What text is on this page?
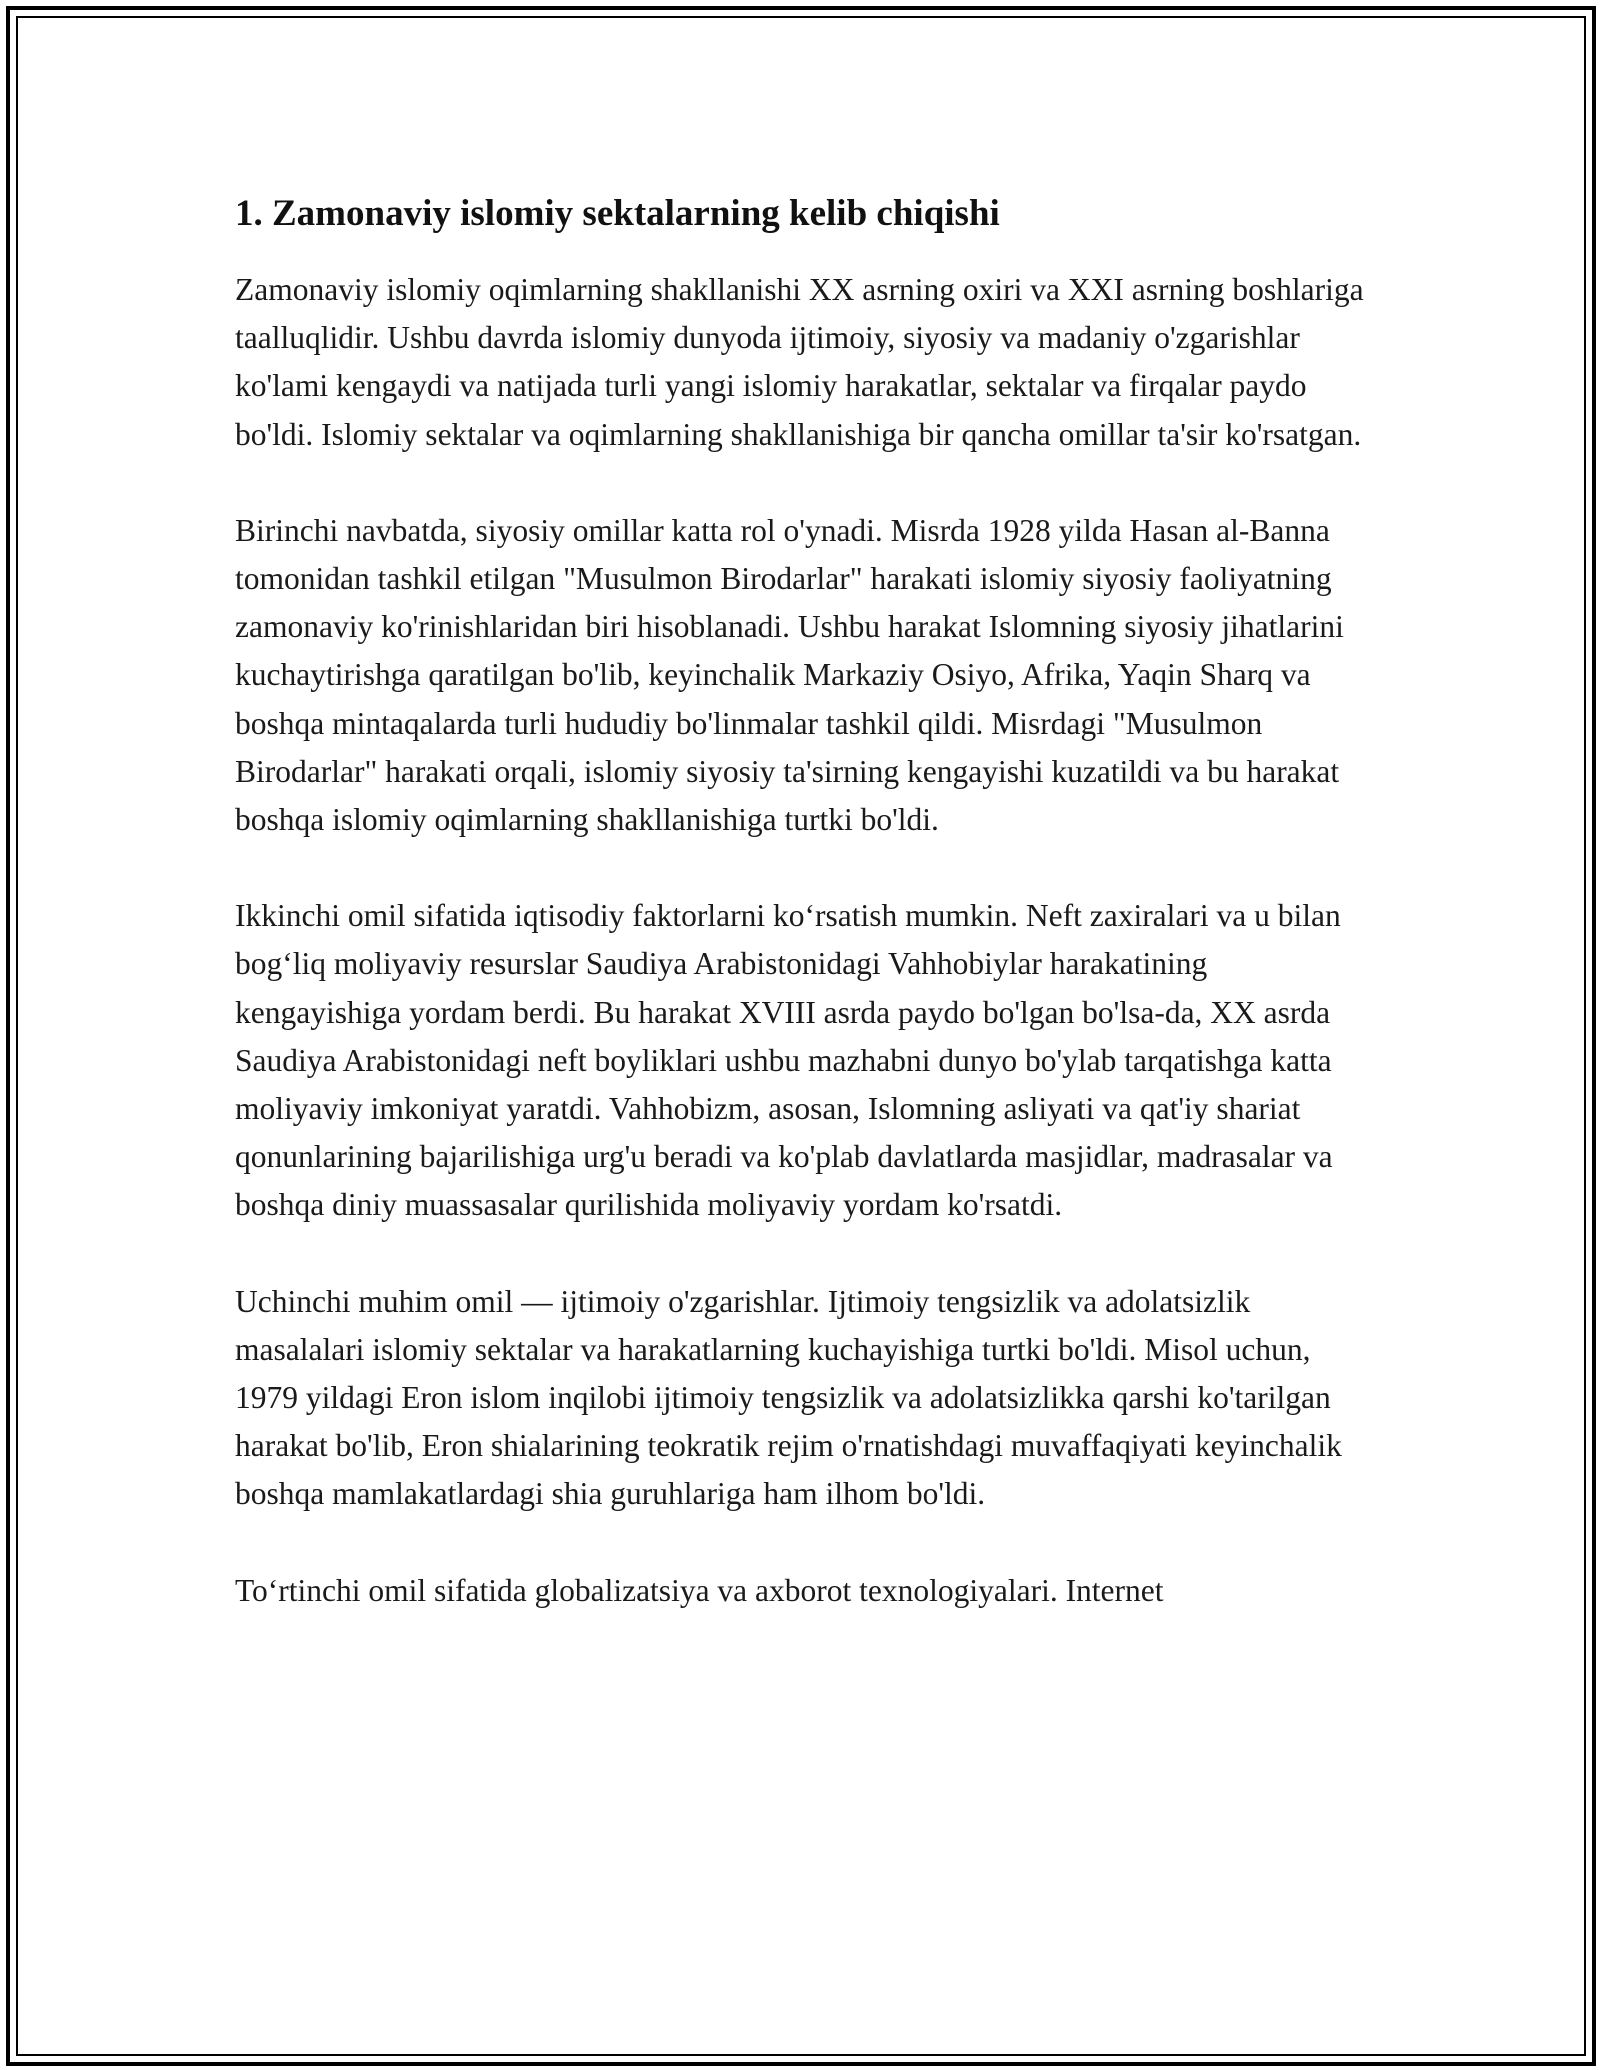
1. Zamonaviy islomiy sektalarning kelib chiqishi

Zamonaviy islomiy oqimlarning shakllanishi XX asrning oxiri va XXI asrning boshlariga taalluqlidir. Ushbu davrda islomiy dunyoda ijtimoiy, siyosiy va madaniy o'zgarishlar ko'lami kengaydi va natijada turli yangi islomiy harakatlar, sektalar va firqalar paydo bo'ldi. Islomiy sektalar va oqimlarning shakllanishiga bir qancha omillar ta'sir ko'rsatgan.

Birinchi navbatda, siyosiy omillar katta rol o'ynadi. Misrda 1928 yilda Hasan al-Banna tomonidan tashkil etilgan "Musulmon Birodarlar" harakati islomiy siyosiy faoliyatning zamonaviy ko'rinishlaridan biri hisoblanadi. Ushbu harakat Islomning siyosiy jihatlarini kuchaytirishga qaratilgan bo'lib, keyinchalik Markaziy Osiyo, Afrika, Yaqin Sharq va boshqa mintaqalarda turli hududiy bo'linmalar tashkil qildi. Misrdagi "Musulmon Birodarlar" harakati orqali, islomiy siyosiy ta'sirning kengayishi kuzatildi va bu harakat boshqa islomiy oqimlarning shakllanishiga turtki bo'ldi.

Ikkinchi omil sifatida iqtisodiy faktorlarni ko‘rsatish mumkin. Neft zaxiralari va u bilan bog‘liq moliyaviy resurslar Saudiya Arabistonidagi Vahhobiylar harakatining kengayishiga yordam berdi. Bu harakat XVIII asrda paydo bo'lgan bo'lsa-da, XX asrda Saudiya Arabistonidagi neft boyliklari ushbu mazhabni dunyo bo'ylab tarqatishga katta moliyaviy imkoniyat yaratdi. Vahhobizm, asosan, Islomning asliyati va qat'iy shariat qonunlarining bajarilishiga urg'u beradi va ko'plab davlatlarda masjidlar, madrasalar va boshqa diniy muassasalar qurilishida moliyaviy yordam ko'rsatdi.

Uchinchi muhim omil — ijtimoiy o'zgarishlar. Ijtimoiy tengsizlik va adolatsizlik masalalari islomiy sektalar va harakatlarning kuchayishiga turtki bo'ldi. Misol uchun, 1979 yildagi Eron islom inqilobi ijtimoiy tengsizlik va adolatsizlikka qarshi ko'tarilgan harakat bo'lib, Eron shialarining teokratik rejim o'rnatishdagi muvaffaqiyati keyinchalik boshqa mamlakatlardagi shia guruhlariga ham ilhom bo'ldi.

To‘rtinchi omil sifatida globalizatsiya va axborot texnologiyalari. Internet
